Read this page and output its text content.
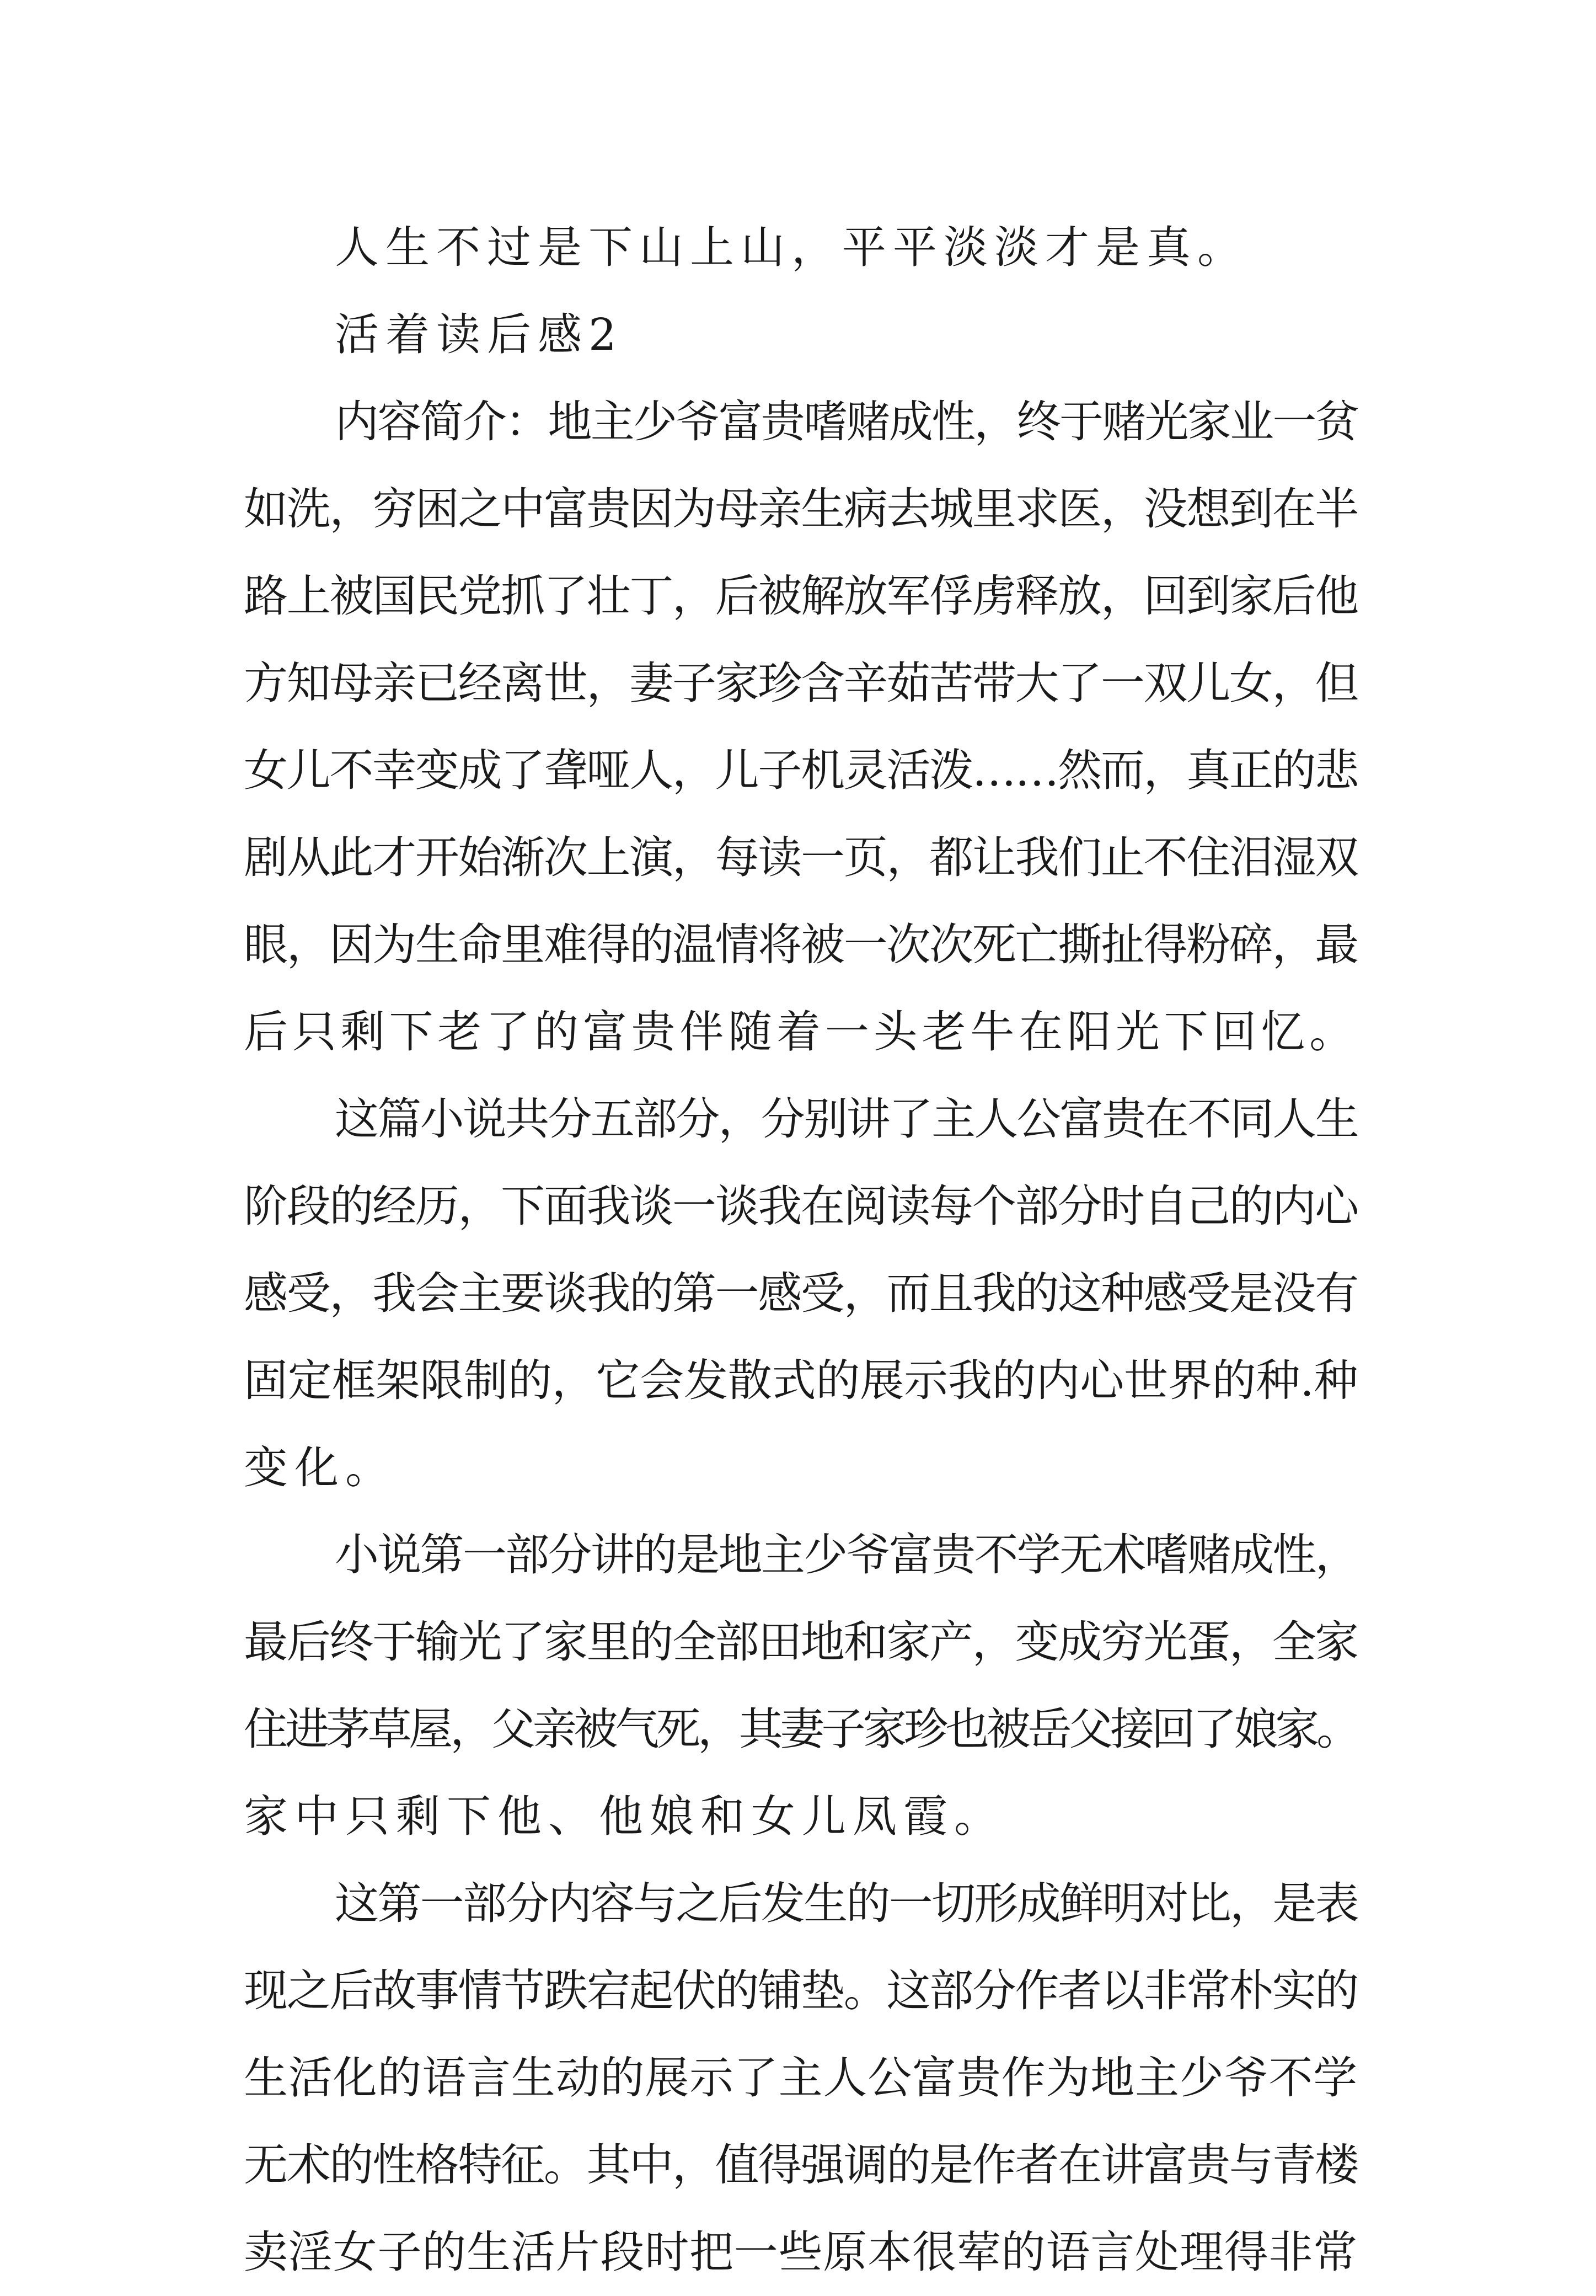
人生不过是下山上山，平平淡淡才是真。
活着读后感2
内容简介：地主少爷富贵嗜赌成性，终于赌光家业一贫
如洗，穷困之中富贵因为母亲生病去城里求医，没想到在半
路上被国民党抓了壮丁，后被解放军俘虏释放，回到家后他
方知母亲已经离世，妻子家珍含辛茹苦带大了一双儿女，但
女儿不幸变成了聋哑人，儿子机灵活泼……然而，真正的悲
剧从此才开始渐次上演，每读一页，都让我们止不住泪湿双
眼，因为生命里难得的温情将被一次次死亡撕扯得粉碎，最
后只剩下老了的富贵伴随着一头老牛在阳光下回忆。
这篇小说共分五部分，分别讲了主人公富贵在不同人生
阶段的经历，下面我谈一谈我在阅读每个部分时自己的内心
感受，我会主要谈我的第一感受，而且我的这种感受是没有
固定框架限制的，它会发散式的展示我的内心世界的种.种
变化。
小说第一部分讲的是地主少爷富贵不学无术嗜赌成性，
最后终于输光了家里的全部田地和家产，变成穷光蛋，全家
住进茅草屋，父亲被气死，其妻子家珍也被岳父接回了娘家。
家中只剩下他、他娘和女儿凤霞。
这第一部分内容与之后发生的一切形成鲜明对比，是表
现之后故事情节跌宕起伏的铺垫。这部分作者以非常朴实的
生活化的语言生动的展示了主人公富贵作为地主少爷不学
无术的性格特征。其中，值得强调的是作者在讲富贵与青楼
卖淫女子的生活片段时把一些原本很荤的语言处理得非常
